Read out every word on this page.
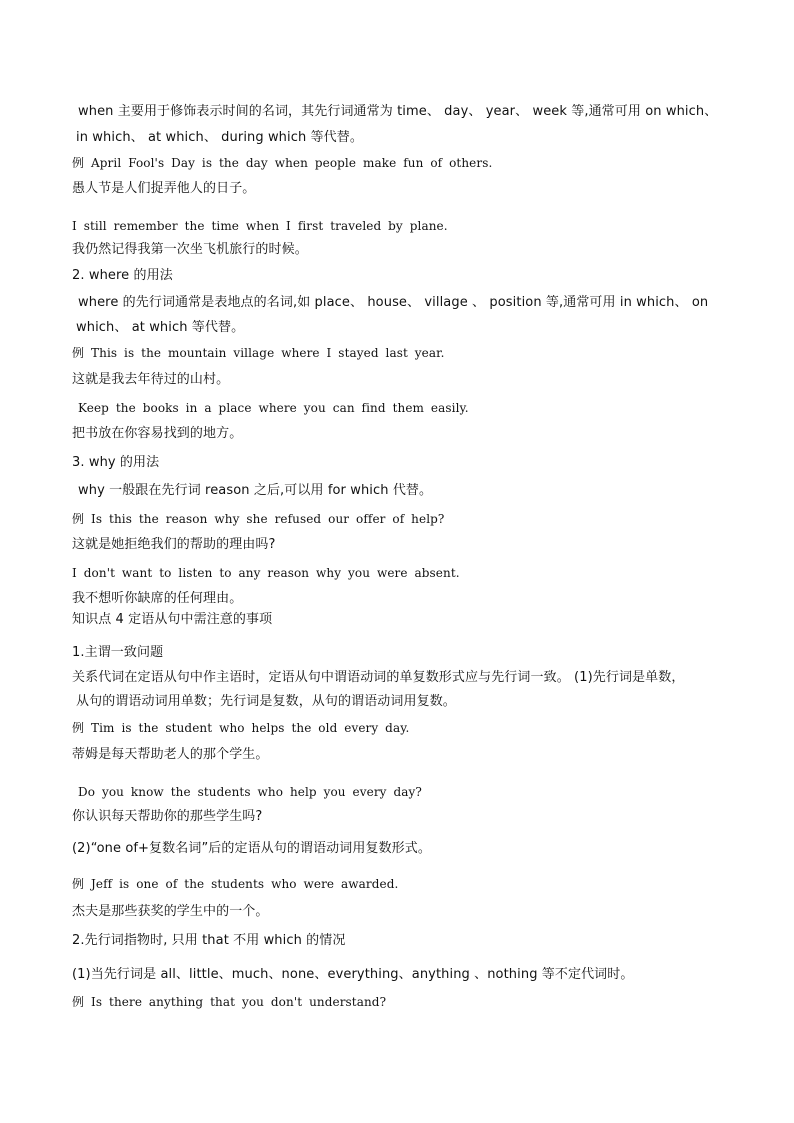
when 主要用于修饰表示时间的名词，其先行词通常为 time、 day、 year、 week 等,通常可用 on which、
in which、 at which、 during which 等代替。
例 April Fool's Day is the day when people make fun of others.
愚人节是人们捉弄他人的日子。
I still remember the time when I first traveled by plane.
我仍然记得我第一次坐飞机旅行的时候。
2. where 的用法
where 的先行词通常是表地点的名词,如 place、 house、 village 、 position 等,通常可用 in which、 on
which、 at which 等代替。
例 This is the mountain village where I stayed last year.
这就是我去年待过的山村。
Keep the books in a place where you can find them easily.
把书放在你容易找到的地方。
3. why 的用法
why 一般跟在先行词 reason 之后,可以用 for which 代替。
例 Is this the reason why she refused our offer of help?
这就是她拒绝我们的帮助的理由吗?
I don't want to listen to any reason why you were absent.
我不想听你缺席的任何理由。
知识点 4 定语从句中需注意的事项
1.主谓一致问题
关系代词在定语从句中作主语时，定语从句中谓语动词的单复数形式应与先行词一致。 (1)先行词是单数，
从句的谓语动词用单数；先行词是复数，从句的谓语动词用复数。
例 Tim is the student who helps the old every day.
蒂姆是每天帮助老人的那个学生。
Do you know the students who help you every day?
你认识每天帮助你的那些学生吗?
(2)“one of+复数名词”后的定语从句的谓语动词用复数形式。
例 Jeff is one of the students who were awarded.
杰夫是那些获奖的学生中的一个。
2.先行词指物时, 只用 that 不用 which 的情况
(1)当先行词是 all、little、much、none、everything、anything 、nothing 等不定代词时。
例 Is there anything that you don't understand?
